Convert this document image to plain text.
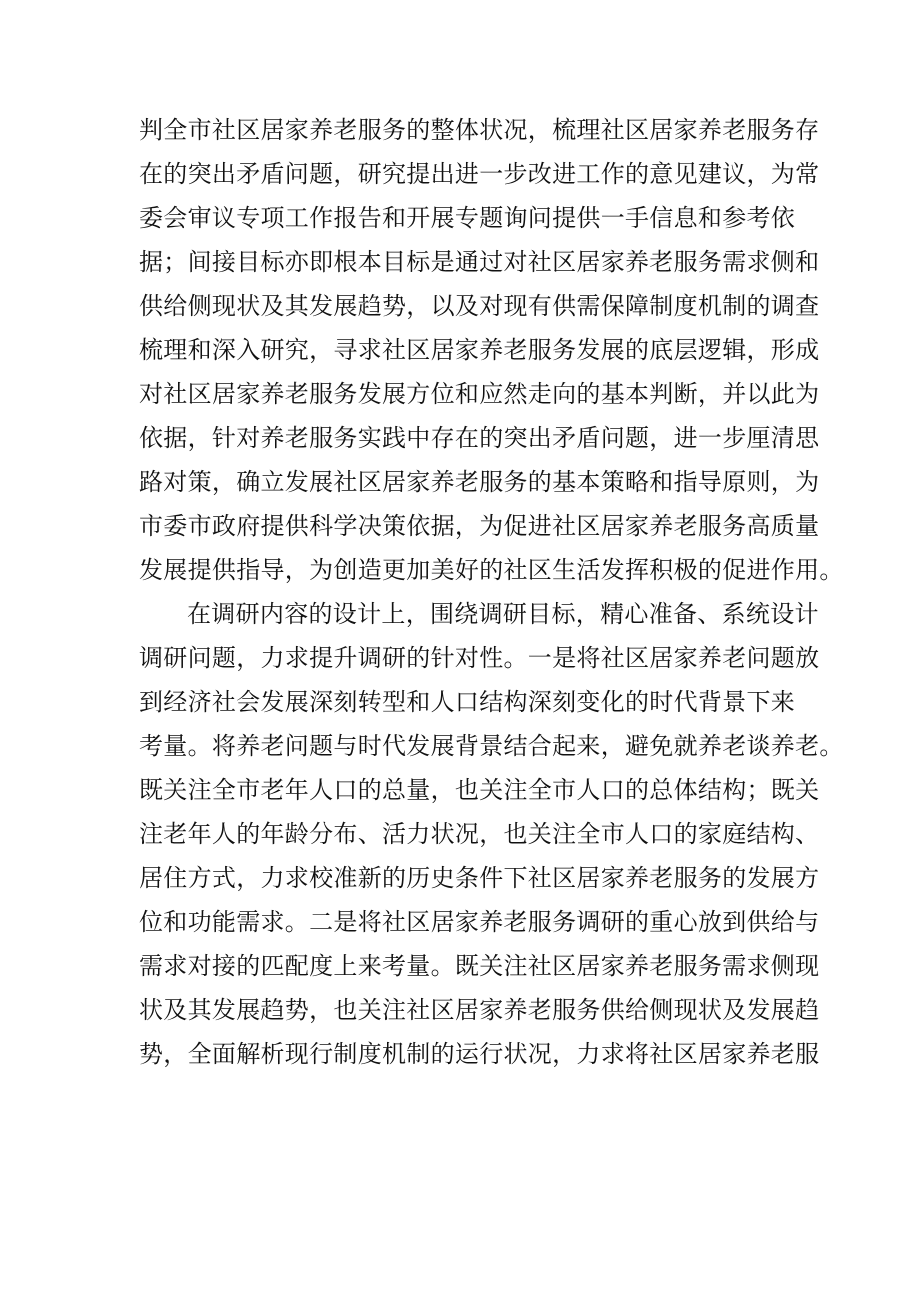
判全市社区居家养老服务的整体状况，梳理社区居家养老服务存
在的突出矛盾问题，研究提出进一步改进工作的意见建议，为常
委会审议专项工作报告和开展专题询问提供一手信息和参考依
据；间接目标亦即根本目标是通过对社区居家养老服务需求侧和
供给侧现状及其发展趋势，以及对现有供需保障制度机制的调查
梳理和深入研究，寻求社区居家养老服务发展的底层逻辑，形成
对社区居家养老服务发展方位和应然走向的基本判断，并以此为
依据，针对养老服务实践中存在的突出矛盾问题，进一步厘清思
路对策，确立发展社区居家养老服务的基本策略和指导原则，为
市委市政府提供科学决策依据，为促进社区居家养老服务高质量
发展提供指导，为创造更加美好的社区生活发挥积极的促进作用。
在调研内容的设计上，围绕调研目标，精心准备、系统设计
调研问题，力求提升调研的针对性。一是将社区居家养老问题放
到经济社会发展深刻转型和人口结构深刻变化的时代背景下来
考量。将养老问题与时代发展背景结合起来，避免就养老谈养老。
既关注全市老年人口的总量，也关注全市人口的总体结构；既关
注老年人的年龄分布、活力状况，也关注全市人口的家庭结构、
居住方式，力求校准新的历史条件下社区居家养老服务的发展方
位和功能需求。二是将社区居家养老服务调研的重心放到供给与
需求对接的匹配度上来考量。既关注社区居家养老服务需求侧现
状及其发展趋势，也关注社区居家养老服务供给侧现状及发展趋
势，全面解析现行制度机制的运行状况，力求将社区居家养老服
